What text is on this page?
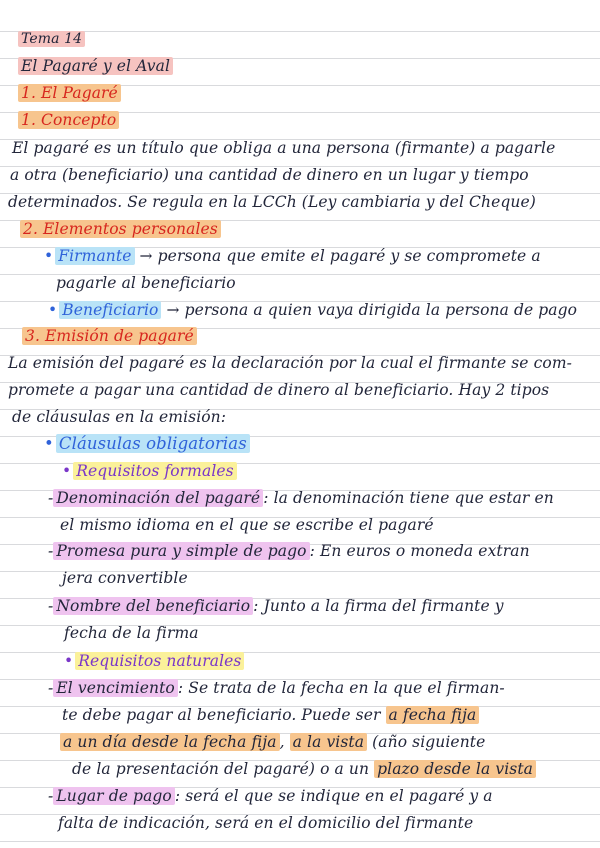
Tema 14
El Pagaré y el Aval
1. El Pagaré
1. Concepto
El pagaré es un título que obliga a una persona (firmante) a pagarle
a otra (beneficiario) una cantidad de dinero en un lugar y tiempo
determinados. Se regula en la LCCh (Ley cambiaria y del Cheque)
2. Elementos personales
• Firmante → persona que emite el pagaré y se compromete a
pagarle al beneficiario
• Beneficiario → persona a quien vaya dirigida la persona de pago
3. Emisión de pagaré
La emisión del pagaré es la declaración por la cual el firmante se com-
promete a pagar una cantidad de dinero al beneficiario. Hay 2 tipos
de cláusulas en la emisión:
• Cláusulas obligatorias
• Requisitos formales
- Denominación del pagaré : la denominación tiene que estar en
el mismo idioma en el que se escribe el pagaré
- Promesa pura y simple de pago : En euros o moneda extran
jera convertible
- Nombre del beneficiario : Junto a la firma del firmante y
fecha de la firma
• Requisitos naturales
- El vencimiento : Se trata de la fecha en la que el firman-
te debe pagar al beneficiario. Puede ser a fecha fija
a un día desde la fecha fija , a la vista (año siguiente
de la presentación del pagaré) o a un plazo desde la vista
- Lugar de pago : será el que se indique en el pagaré y a
falta de indicación, será en el domicilio del firmante
